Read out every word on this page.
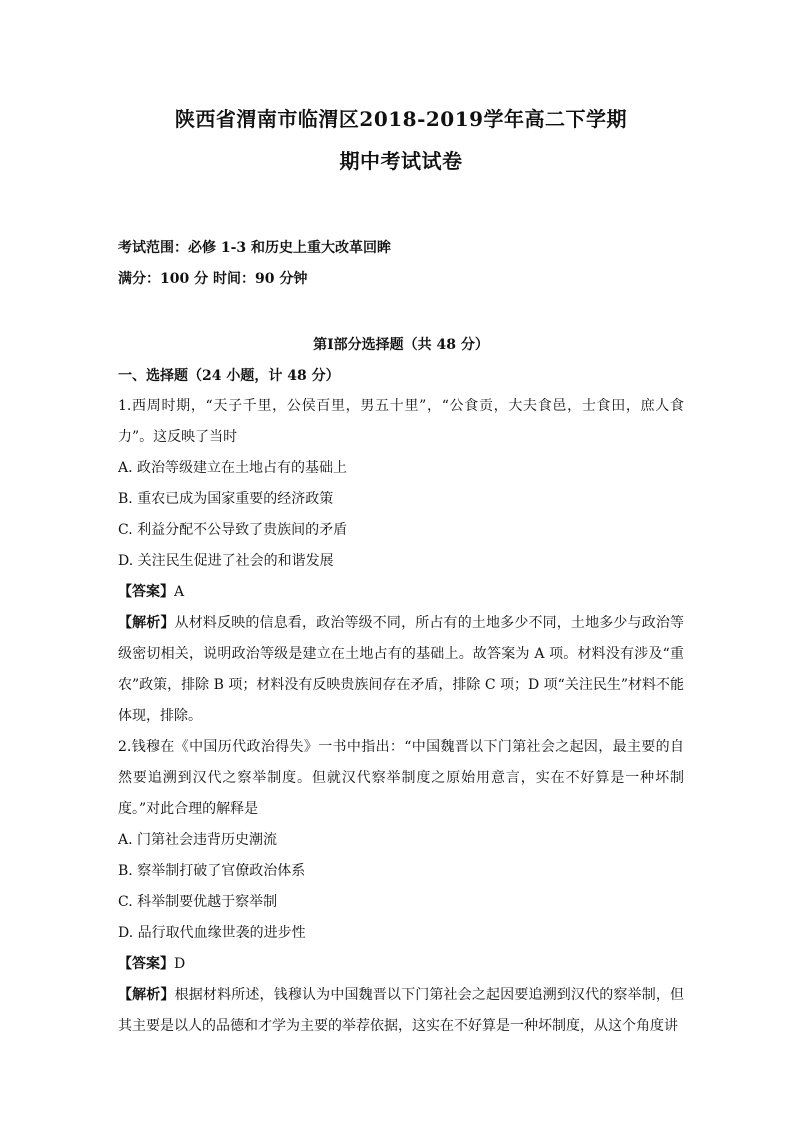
陕西省渭南市临渭区2018-2019学年高二下学期
期中考试试卷
考试范围：必修 1-3 和历史上重大改革回眸
满分：100 分 时间：90 分钟
第Ⅰ部分选择题（共 48 分）
一、选择题（24 小题，计 48 分）
1.西周时期，“天子千里，公侯百里，男五十里”，“公食贡，大夫食邑，士食田，庶人食力”。这反映了当时
A. 政治等级建立在土地占有的基础上
B. 重农已成为国家重要的经济政策
C. 利益分配不公导致了贵族间的矛盾
D. 关注民生促进了社会的和谐发展
【答案】A
【解析】从材料反映的信息看，政治等级不同，所占有的土地多少不同，土地多少与政治等级密切相关，说明政治等级是建立在土地占有的基础上。故答案为 A 项。材料没有涉及“重农”政策，排除 B 项；材料没有反映贵族间存在矛盾，排除 C 项；D 项“关注民生”材料不能体现，排除。
2.钱穆在《中国历代政治得失》一书中指出：“中国魏晋以下门第社会之起因，最主要的自然要追溯到汉代之察举制度。但就汉代察举制度之原始用意言，实在不好算是一种坏制度。”对此合理的解释是
A. 门第社会违背历史潮流
B. 察举制打破了官僚政治体系
C. 科举制要优越于察举制
D. 品行取代血缘世袭的进步性
【答案】D
【解析】根据材料所述，钱穆认为中国魏晋以下门第社会之起因要追溯到汉代的察举制，但其主要是以人的品德和才学为主要的举荐依据，这实在不好算是一种坏制度，从这个角度讲
